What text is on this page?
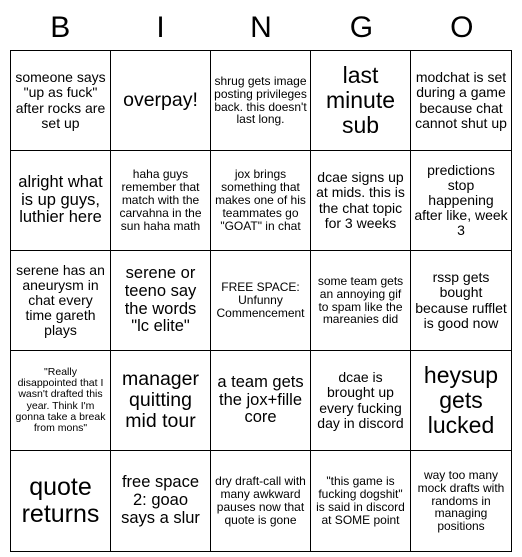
B	I	N	G	O
someone says "up as fuck" after rocks are set up
overpay!
shrug gets image posting privileges back. this doesn't last long.
last minute sub
modchat is set during a game because chat cannot shut up
alright what is up guys, luthier here
haha guys remember that match with the carvahna in the sun haha math
jox brings something that makes one of his teammates go "GOAT" in chat
dcae signs up at mids. this is the chat topic for 3 weeks
predictions stop happening after like, week 3
serene has an aneurysm in chat every time gareth plays
serene or teeno say the words "lc elite"
FREE SPACE: Unfunny Commencement
some team gets an annoying gif to spam like the mareanies did
rssp gets bought because rufflet is good now
"Really disappointed that I wasn't drafted this year. Think I'm gonna take a break from mons"
manager quitting mid tour
a team gets the jox+fille core
dcae is brought up every fucking day in discord
heysup gets lucked
quote returns
free space 2: goao says a slur
dry draft-call with many awkward pauses now that quote is gone
"this game is fucking dogshit" is said in discord at SOME point
way too many mock drafts with randoms in managing positions
